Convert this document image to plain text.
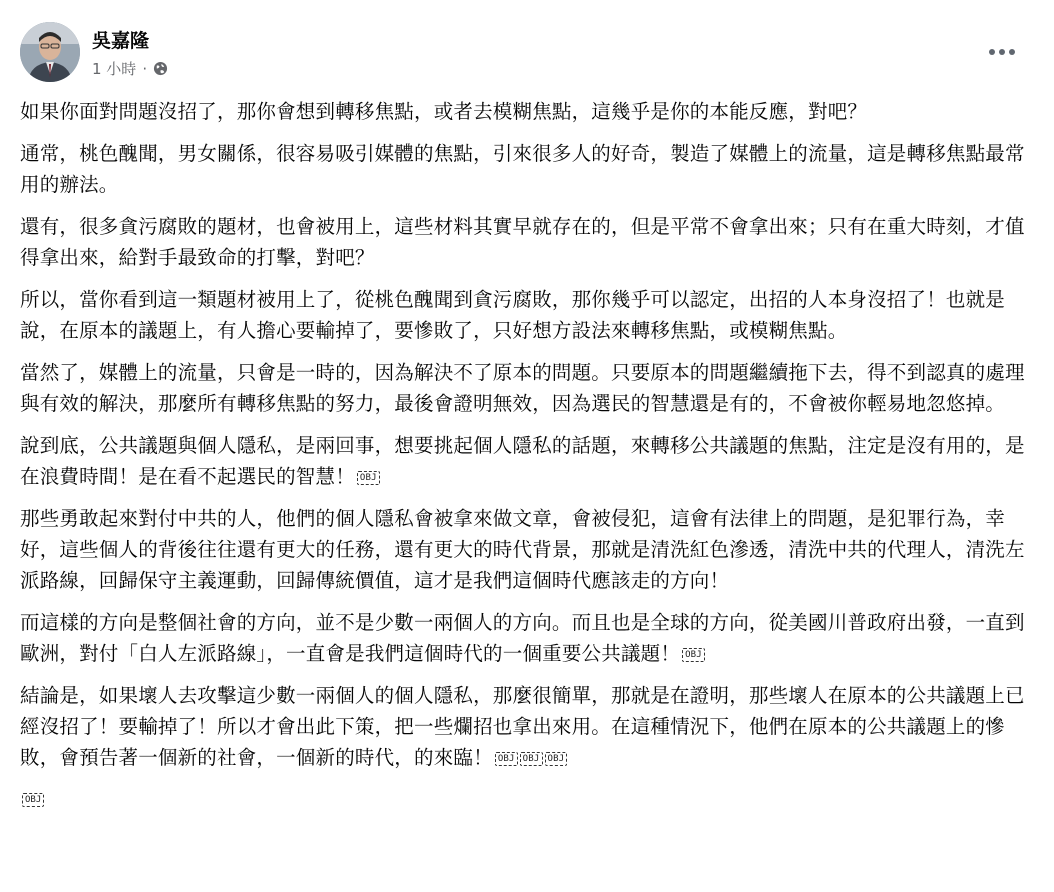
吳嘉隆
1 小時 ·

如果你面對問題沒招了，那你會想到轉移焦點，或者去模糊焦點，這幾乎是你的本能反應，對吧？

通常，桃色醜聞，男女關係，很容易吸引媒體的焦點，引來很多人的好奇，製造了媒體上的流量，這是轉移焦點最常用的辦法。

還有，很多貪污腐敗的題材，也會被用上，這些材料其實早就存在的，但是平常不會拿出來；只有在重大時刻，才值得拿出來，給對手最致命的打擊，對吧？

所以，當你看到這一類題材被用上了，從桃色醜聞到貪污腐敗，那你幾乎可以認定，出招的人本身沒招了！也就是說，在原本的議題上，有人擔心要輸掉了，要慘敗了，只好想方設法來轉移焦點，或模糊焦點。

當然了，媒體上的流量，只會是一時的，因為解決不了原本的問題。只要原本的問題繼續拖下去，得不到認真的處理與有效的解決，那麼所有轉移焦點的努力，最後會證明無效，因為選民的智慧還是有的，不會被你輕易地忽悠掉。

說到底，公共議題與個人隱私，是兩回事，想要挑起個人隱私的話題，來轉移公共議題的焦點，注定是沒有用的，是在浪費時間！是在看不起選民的智慧！ OBJ

那些勇敢起來對付中共的人，他們的個人隱私會被拿來做文章，會被侵犯，這會有法律上的問題，是犯罪行為，幸好，這些個人的背後往往還有更大的任務，還有更大的時代背景，那就是清洗紅色滲透，清洗中共的代理人，清洗左派路線，回歸保守主義運動，回歸傳統價值，這才是我們這個時代應該走的方向！

而這樣的方向是整個社會的方向，並不是少數一兩個人的方向。而且也是全球的方向，從美國川普政府出發，一直到歐洲，對付「白人左派路線」，一直會是我們這個時代的一個重要公共議題！ OBJ

結論是，如果壞人去攻擊這少數一兩個人的個人隱私，那麼很簡單，那就是在證明，那些壞人在原本的公共議題上已經沒招了！要輸掉了！所以才會出此下策，把一些爛招也拿出來用。在這種情況下，他們在原本的公共議題上的慘敗，會預告著一個新的社會，一個新的時代，的來臨！ OBJ OBJ OBJ

OBJ
